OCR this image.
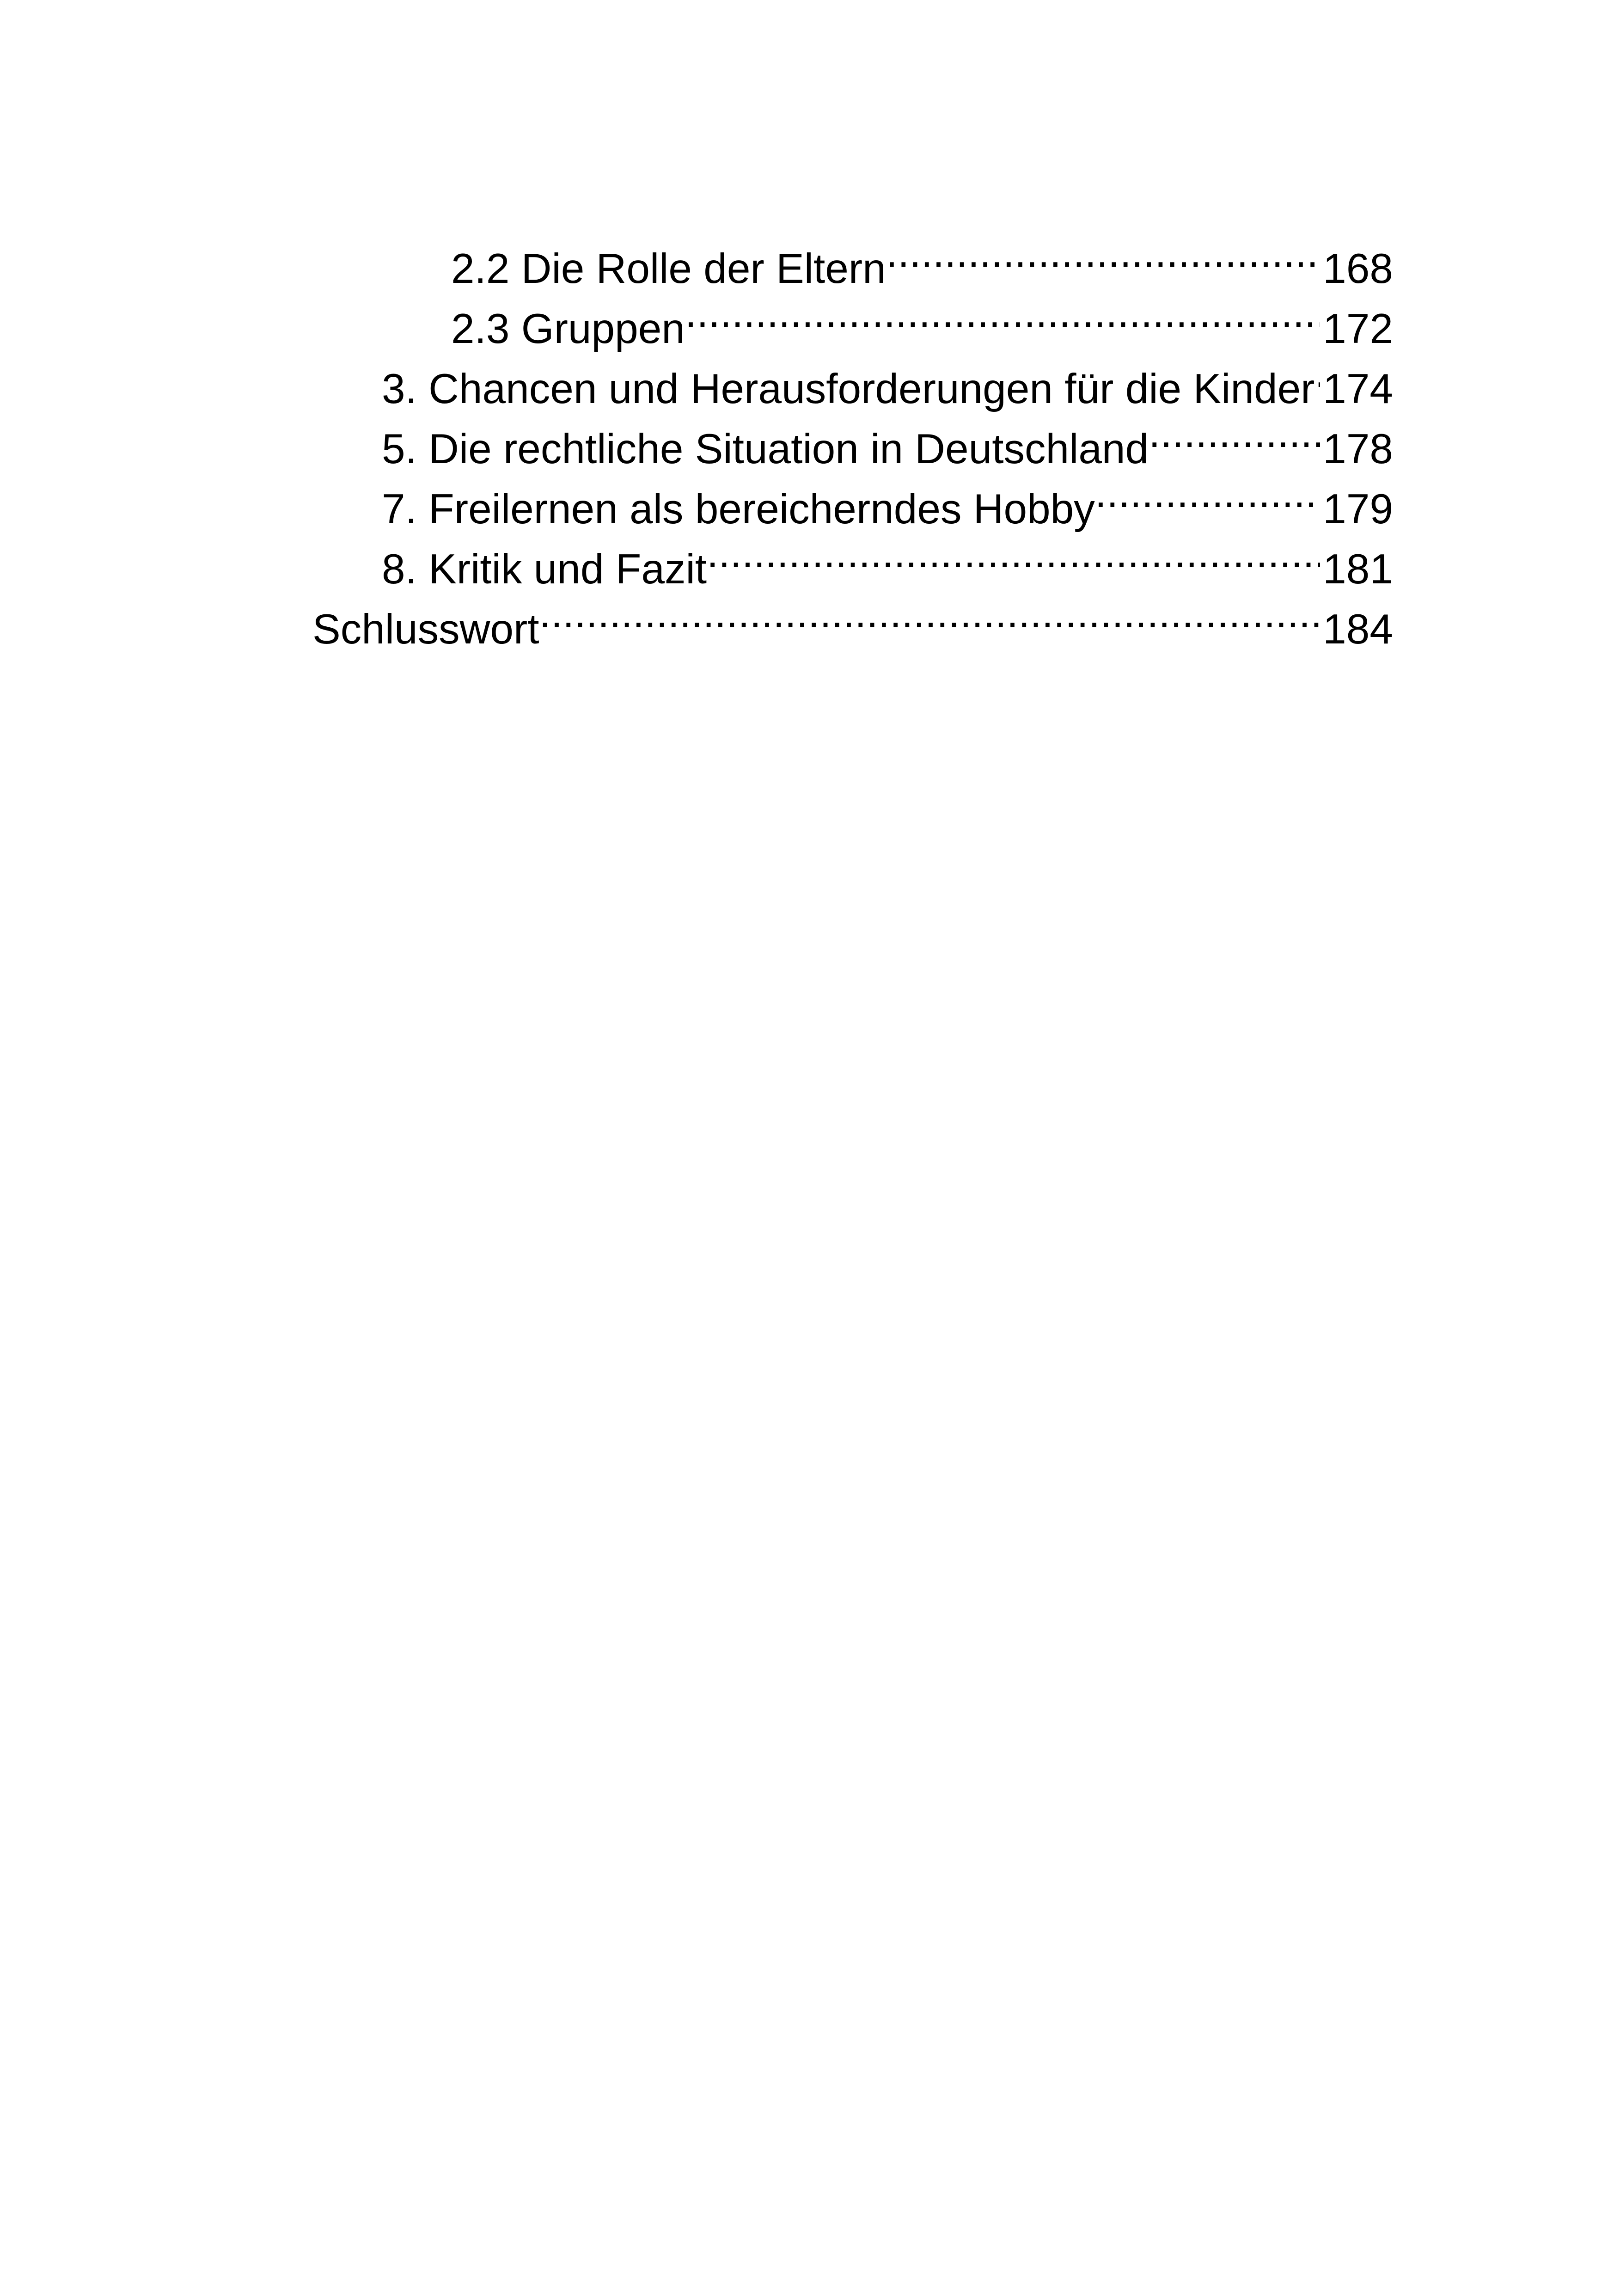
2.2 Die Rolle der Eltern .....	168
2.3 Gruppen .....	172
3. Chancen und Herausforderungen für die Kinder ..... 174
5. Die rechtliche Situation in Deutschland .....	178
7. Freilernen als bereicherndes Hobby .....	179
8. Kritik und Fazit .....	181
Schlusswort .....	184
